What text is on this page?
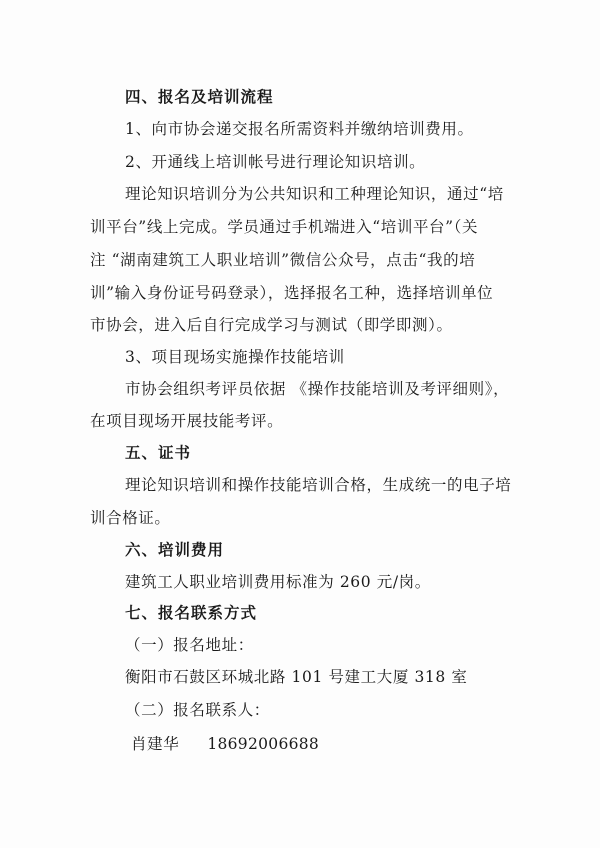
四、报名及培训流程
1、向市协会递交报名所需资料并缴纳培训费用。
2、开通线上培训帐号进行理论知识培训。
理论知识培训分为公共知识和工种理论知识，通过“培
训平台”线上完成。学员通过手机端进入“培训平台”（关
注 “湖南建筑工人职业培训”微信公众号，点击“我的培
训”输入身份证号码登录），选择报名工种，选择培训单位
市协会，进入后自行完成学习与测试（即学即测）。
3、项目现场实施操作技能培训
市协会组织考评员依据 《操作技能培训及考评细则》，
在项目现场开展技能考评。
五、证书
理论知识培训和操作技能培训合格，生成统一的电子培
训合格证。
六、培训费用
建筑工人职业培训费用标准为 260 元/岗。
七、报名联系方式
（一）报名地址：
衡阳市石鼓区环城北路 101 号建工大厦 318 室
（二）报名联系人：
肖建华 18692006688
